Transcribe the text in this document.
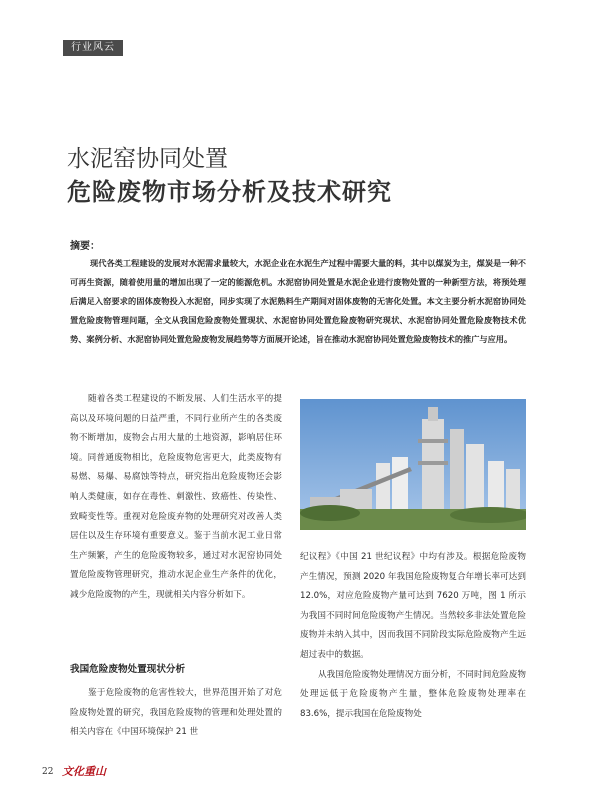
行业风云
水泥窑协同处置
危险废物市场分析及技术研究
摘要：

现代各类工程建设的发展对水泥需求量较大，水泥企业在水泥生产过程中需要大量的料，其中以煤炭为主，煤炭是一种不可再生资源，随着使用量的增加出现了一定的能源危机。水泥窑协同处置是水泥企业进行废物处置的一种新型方法，将预处理后满足入窑要求的固体废物投入水泥窑，同步实现了水泥熟料生产期间对固体废物的无害化处置。本文主要分析水泥窑协同处置危险废物管理问题，全文从我国危险废物处置现状、水泥窑协同处置危险废物研究现状、水泥窑协同处置危险废物技术优势、案例分析、水泥窑协同处置危险废物发展趋势等方面展开论述，旨在推动水泥窑协同处置危险废物技术的推广与应用。

随着各类工程建设的不断发展、人们生活水平的提高以及环境问题的日益严重，不同行业所产生的各类废物不断增加，废物会占用大量的土地资源，影响居住环境。同普通废物相比，危险废物危害更大，此类废物有易燃、易爆、易腐蚀等特点，研究指出危险废物还会影响人类健康，如存在毒性、刺激性、致癌性、传染性、致畸变性等。重视对危险废弃物的处理研究对改善人类居住以及生存环境有重要意义。鉴于当前水泥工业日常生产频繁，产生的危险废物较多，通过对水泥窑协同处置危险废物管理研究，推动水泥企业生产条件的优化，减少危险废物的产生，现就相关内容分析如下。

我国危险废物处置现状分析

鉴于危险废物的危害性较大，世界范围开始了对危险废物处置的研究，我国危险废物的管理和处理处置的相关内容在《中国环境保护 21 世

纪议程》《中国 21 世纪议程》中均有涉及。根据危险废物产生情况，预测 2020 年我国危险废物复合年增长率可达到 12.0%，对应危险废物产量可达到 7620 万吨，图 1 所示为我国不同时间危险废物产生情况。当然较多非法处置危险废物并未纳入其中，因而我国不同阶段实际危险废物产生远超过表中的数据。

从我国危险废物处理情况方面分析，不同时间危险废物处理远低于危险废物产生量，整体危险废物处理率在 83.6%，提示我国在危险废物处

22 文化重山
